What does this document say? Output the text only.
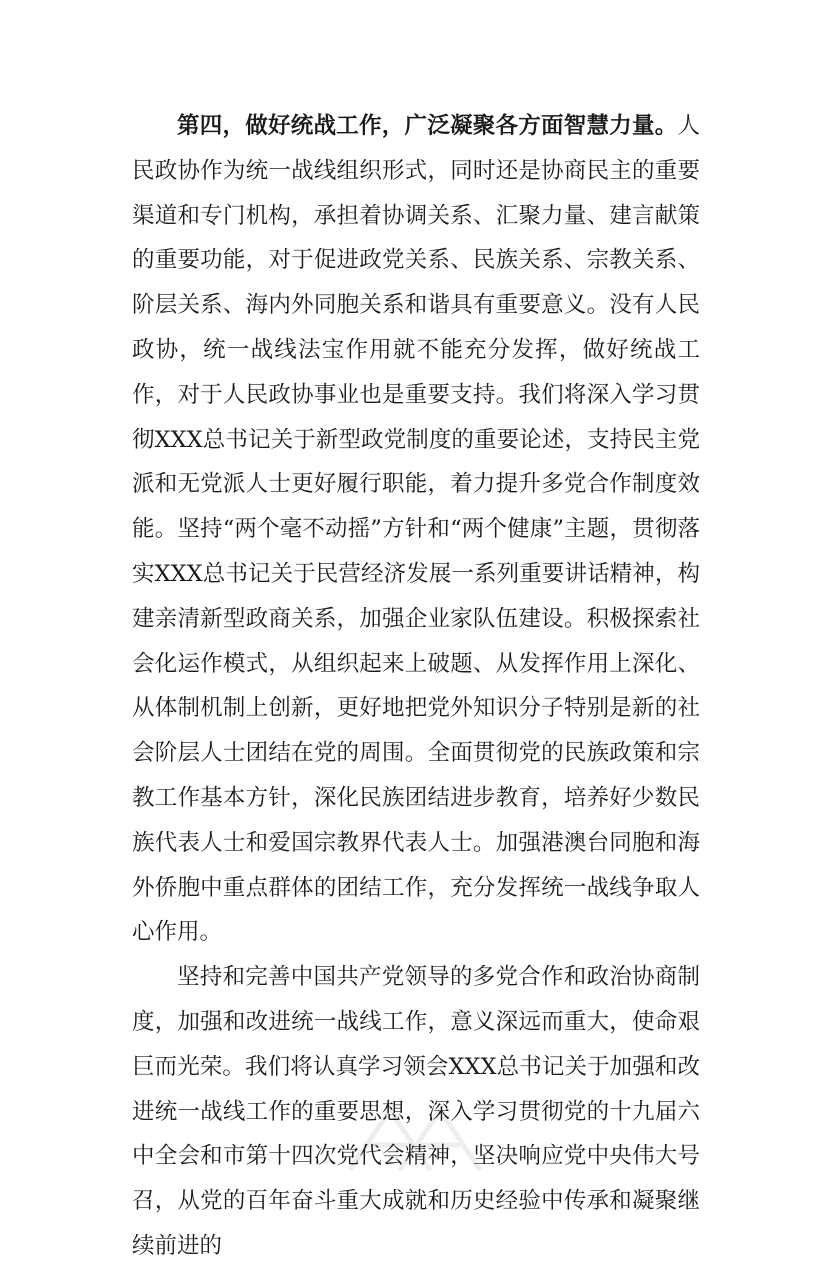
第四，做好统战工作，广泛凝聚各方面智慧力量。人民政协作为统一战线组织形式，同时还是协商民主的重要渠道和专门机构，承担着协调关系、汇聚力量、建言献策的重要功能，对于促进政党关系、民族关系、宗教关系、阶层关系、海内外同胞关系和谐具有重要意义。没有人民政协，统一战线法宝作用就不能充分发挥，做好统战工作，对于人民政协事业也是重要支持。我们将深入学习贯彻XXX总书记关于新型政党制度的重要论述，支持民主党派和无党派人士更好履行职能，着力提升多党合作制度效能。坚持“两个毫不动摇”方针和“两个健康”主题，贯彻落实XXX总书记关于民营经济发展一系列重要讲话精神，构建亲清新型政商关系，加强企业家队伍建设。积极探索社会化运作模式，从组织起来上破题、从发挥作用上深化、从体制机制上创新，更好地把党外知识分子特别是新的社会阶层人士团结在党的周围。全面贯彻党的民族政策和宗教工作基本方针，深化民族团结进步教育，培养好少数民族代表人士和爱国宗教界代表人士。加强港澳台同胞和海外侨胞中重点群体的团结工作，充分发挥统一战线争取人心作用。

坚持和完善中国共产党领导的多党合作和政治协商制度，加强和改进统一战线工作，意义深远而重大，使命艰巨而光荣。我们将认真学习领会XXX总书记关于加强和改进统一战线工作的重要思想，深入学习贯彻党的十九届六中全会和市第十四次党代会精神，坚决响应党中央伟大号召，从党的百年奋斗重大成就和历史经验中传承和凝聚继续前进的
